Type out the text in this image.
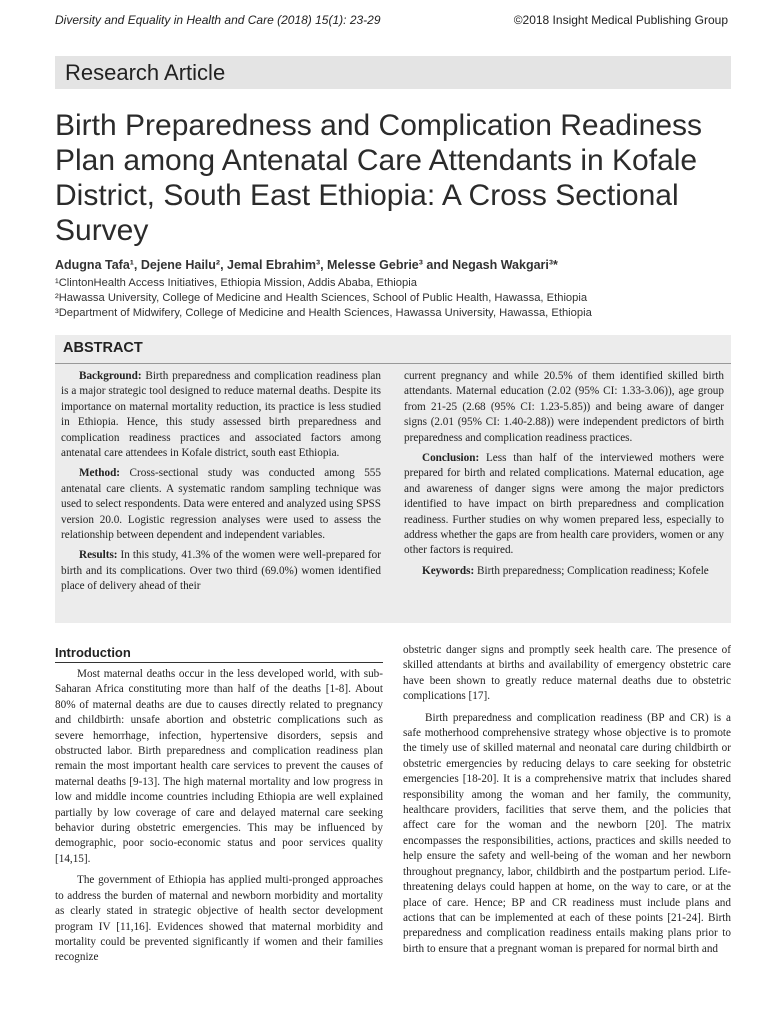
Diversity and Equality in Health and Care (2018) 15(1): 23-29	©2018 Insight Medical Publishing Group
Research Article
Birth Preparedness and Complication Readiness Plan among Antenatal Care Attendants in Kofale District, South East Ethiopia: A Cross Sectional Survey
Adugna Tafa¹, Dejene Hailu², Jemal Ebrahim³, Melesse Gebrie³ and Negash Wakgari³*
¹ClintonHealth Access Initiatives, Ethiopia Mission, Addis Ababa, Ethiopia
²Hawassa University, College of Medicine and Health Sciences, School of Public Health, Hawassa, Ethiopia
³Department of Midwifery, College of Medicine and Health Sciences, Hawassa University, Hawassa, Ethiopia
ABSTRACT

Background: Birth preparedness and complication readiness plan is a major strategic tool designed to reduce maternal deaths. Despite its importance on maternal mortality reduction, its practice is less studied in Ethiopia. Hence, this study assessed birth preparedness and complication readiness practices and associated factors among antenatal care attendees in Kofale district, south east Ethiopia.

Method: Cross-sectional study was conducted among 555 antenatal care clients. A systematic random sampling technique was used to select respondents. Data were entered and analyzed using SPSS version 20.0. Logistic regression analyses were used to assess the relationship between dependent and independent variables.

Results: In this study, 41.3% of the women were well-prepared for birth and its complications. Over two third (69.0%) women identified place of delivery ahead of their

current pregnancy and while 20.5% of them identified skilled birth attendants. Maternal education (2.02 (95% CI: 1.33-3.06)), age group from 21-25 (2.68 (95% CI: 1.23-5.85)) and being aware of danger signs (2.01 (95% CI: 1.40-2.88)) were independent predictors of birth preparedness and complication readiness practices.

Conclusion: Less than half of the interviewed mothers were prepared for birth and related complications. Maternal education, age and awareness of danger signs were among the major predictors identified to have impact on birth preparedness and complication readiness. Further studies on why women prepared less, especially to address whether the gaps are from health care providers, women or any other factors is required.

Keywords: Birth preparedness; Complication readiness; Kofele

Introduction

Most maternal deaths occur in the less developed world, with sub-Saharan Africa constituting more than half of the deaths [1-8]. About 80% of maternal deaths are due to causes directly related to pregnancy and childbirth: unsafe abortion and obstetric complications such as severe hemorrhage, infection, hypertensive disorders, sepsis and obstructed labor. Birth preparedness and complication readiness plan remain the most important health care services to prevent the causes of maternal deaths [9-13]. The high maternal mortality and low progress in low and middle income countries including Ethiopia are well explained partially by low coverage of care and delayed maternal care seeking behavior during obstetric emergencies. This may be influenced by demographic, poor socio-economic status and poor services quality [14,15].

The government of Ethiopia has applied multi-pronged approaches to address the burden of maternal and newborn morbidity and mortality as clearly stated in strategic objective of health sector development program IV [11,16]. Evidences showed that maternal morbidity and mortality could be prevented significantly if women and their families recognize

obstetric danger signs and promptly seek health care. The presence of skilled attendants at births and availability of emergency obstetric care have been shown to greatly reduce maternal deaths due to obstetric complications [17].

Birth preparedness and complication readiness (BP and CR) is a safe motherhood comprehensive strategy whose objective is to promote the timely use of skilled maternal and neonatal care during childbirth or obstetric emergencies by reducing delays to care seeking for obstetric emergencies [18-20]. It is a comprehensive matrix that includes shared responsibility among the woman and her family, the community, healthcare providers, facilities that serve them, and the policies that affect care for the woman and the newborn [20]. The matrix encompasses the responsibilities, actions, practices and skills needed to help ensure the safety and well-being of the woman and her newborn throughout pregnancy, labor, childbirth and the postpartum period. Life-threatening delays could happen at home, on the way to care, or at the place of care. Hence; BP and CR readiness must include plans and actions that can be implemented at each of these points [21-24]. Birth preparedness and complication readiness entails making plans prior to birth to ensure that a pregnant woman is prepared for normal birth and
